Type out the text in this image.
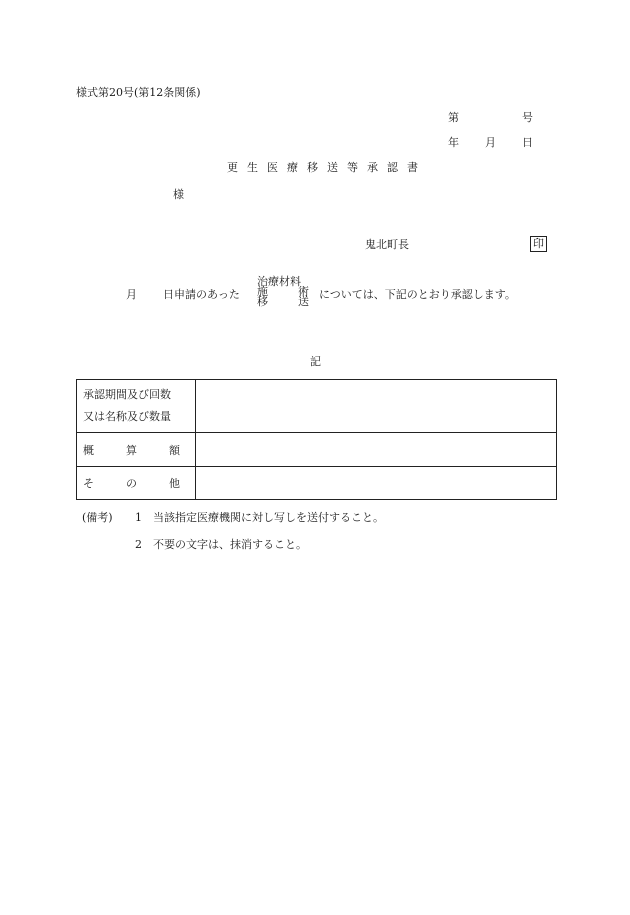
様式第20号(第12条関係)
第	号
年 月 日
更生医療移送等承認書
様
鬼北町長	印
月 日申請のあった
治療材料
施	術
移	送
については、下記のとおり承認します。
記
承認期間及び回数
又は名称及び数量	

概 算 額	

そ の 他	

(備考) 1 当該指定医療機関に対し写しを送付すること。
2 不要の文字は、抹消すること。
